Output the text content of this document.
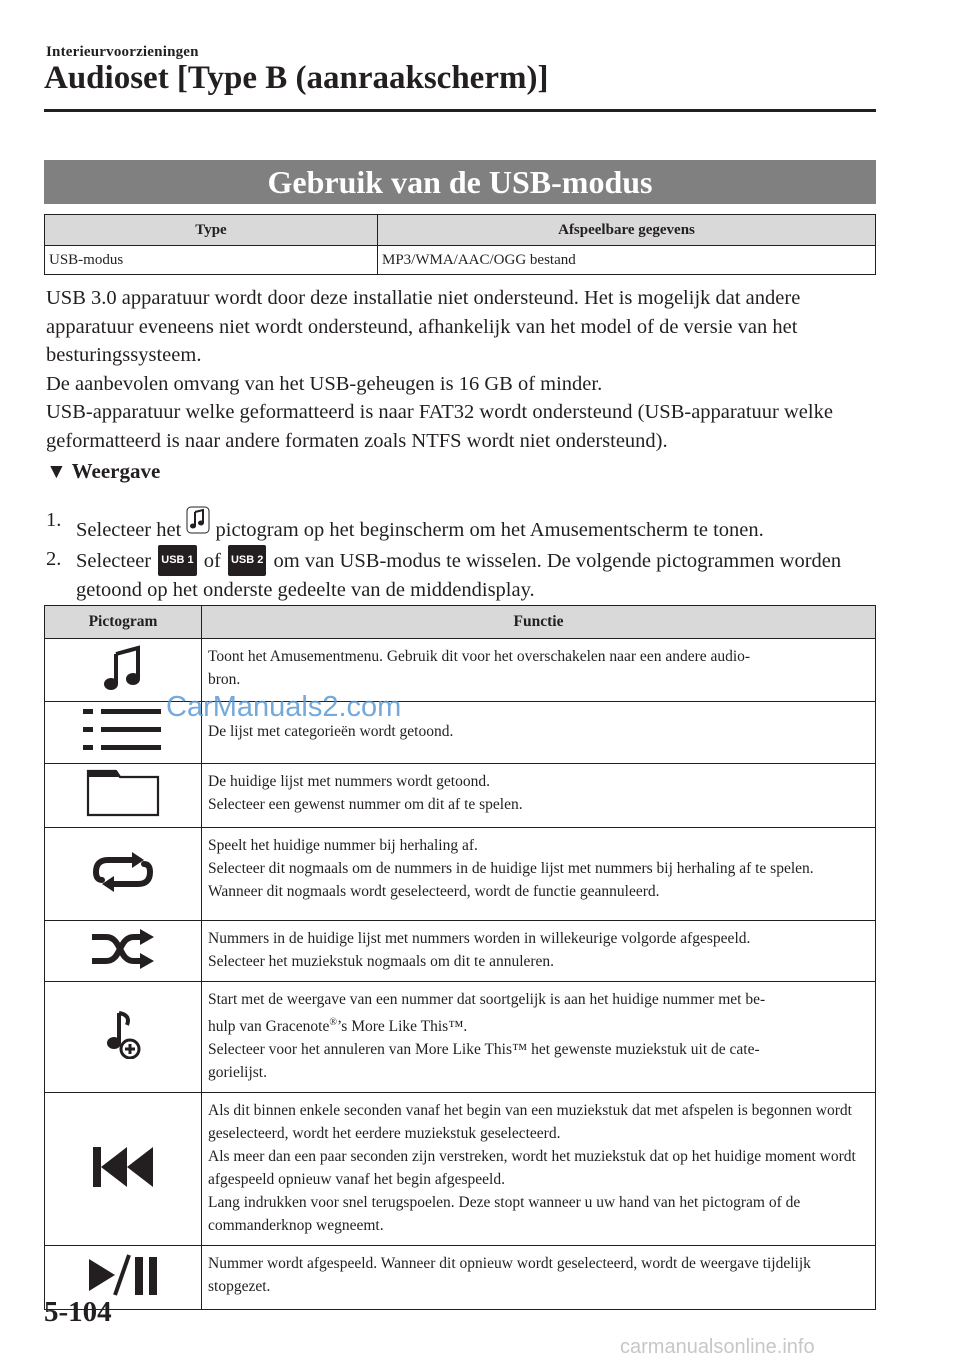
Interieurvoorzieningen
Audioset [Type B (aanraakscherm)]
Gebruik van de USB-modus
Type	Afspeelbare gegevens
USB-modus	MP3/WMA/AAC/OGG bestand

USB 3.0 apparatuur wordt door deze installatie niet ondersteund. Het is mogelijk dat andere apparatuur eveneens niet wordt ondersteund, afhankelijk van het model of de versie van het besturingssysteem.

De aanbevolen omvang van het USB-geheugen is 16 GB of minder.

USB-apparatuur welke geformatteerd is naar FAT32 wordt ondersteund (USB-apparatuur welke geformatteerd is naar andere formaten zoals NTFS wordt niet ondersteund).

▼ Weergave
1. Selecteer het pictogram op het beginscherm om het Amusementscherm te tonen.
2. Selecteer USB 1 of USB 2 om van USB-modus te wisselen. De volgende pictogrammen worden getoond op het onderste gedeelte van de middendisplay.
Pictogram	Functie

Toont het Amusementmenu. Gebruik dit voor het overschakelen naar een andere audio-
bron.

De lijst met categorieën wordt getoond.

De huidige lijst met nummers wordt getoond.
Selecteer een gewenst nummer om dit af te spelen.

Speelt het huidige nummer bij herhaling af.
Selecteer dit nogmaals om de nummers in de huidige lijst met nummers bij herhaling af te spelen.
Wanneer dit nogmaals wordt geselecteerd, wordt de functie geannuleerd.

Nummers in de huidige lijst met nummers worden in willekeurige volgorde afgespeeld.
Selecteer het muziekstuk nogmaals om dit te annuleren.

Start met de weergave van een nummer dat soortgelijk is aan het huidige nummer met be-
hulp van Gracenote®’s More Like This™.
Selecteer voor het annuleren van More Like This™ het gewenste muziekstuk uit de cate-
gorielijst.

Als dit binnen enkele seconden vanaf het begin van een muziekstuk dat met afspelen is begonnen wordt geselecteerd, wordt het eerdere muziekstuk geselecteerd.
Als meer dan een paar seconden zijn verstreken, wordt het muziekstuk dat op het huidige moment wordt afgespeeld opnieuw vanaf het begin afgespeeld.
Lang indrukken voor snel terugspoelen. Deze stopt wanneer u uw hand van het pictogram of de commanderknop wegneemt.

Nummer wordt afgespeeld. Wanneer dit opnieuw wordt geselecteerd, wordt de weergave tijdelijk stopgezet.
CarManuals2.com
5-104
carmanualsonline.info
